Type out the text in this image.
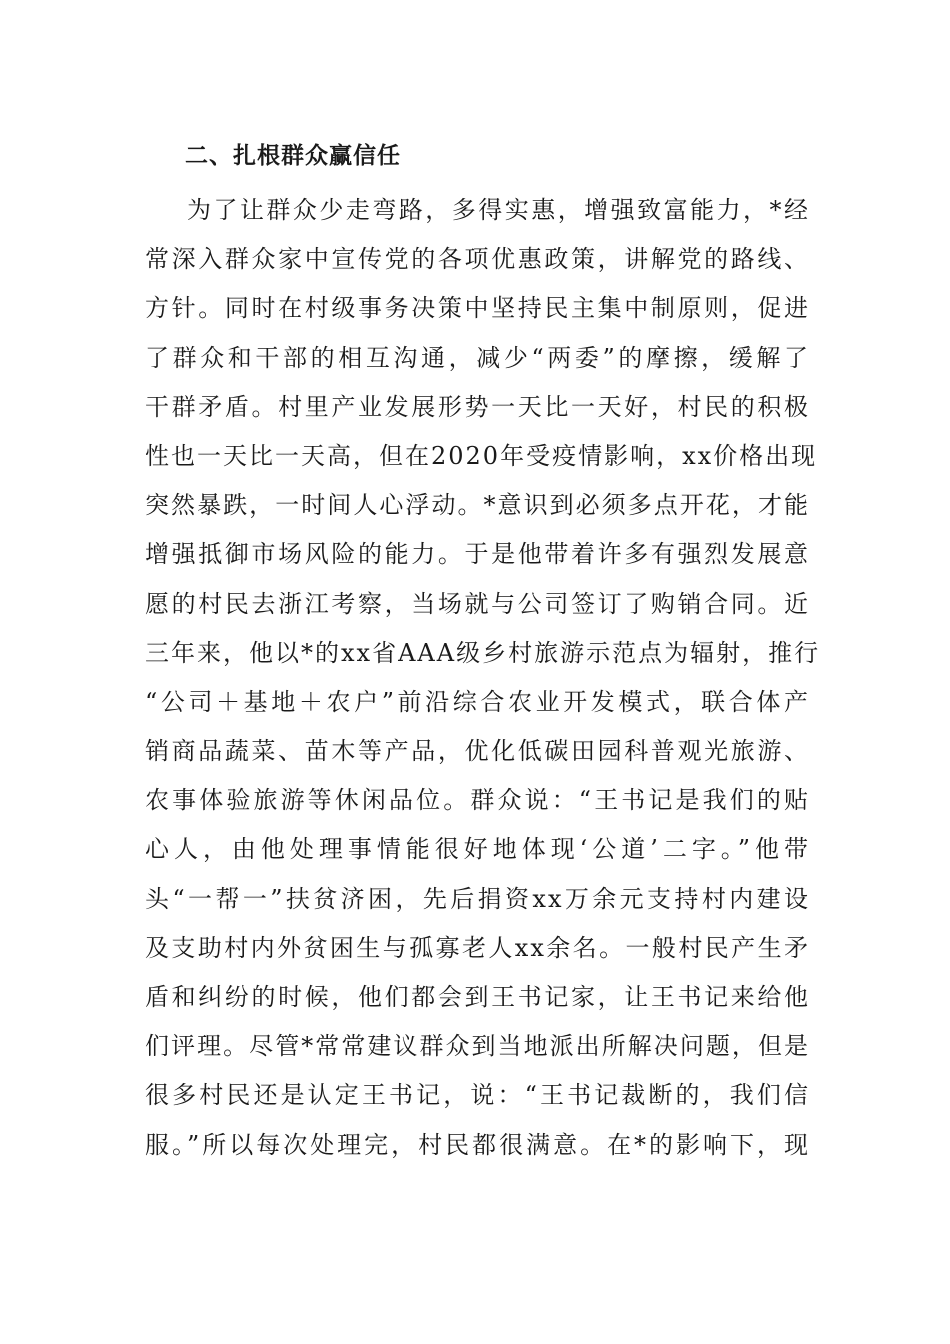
二、扎根群众赢信任
为了让群众少走弯路，多得实惠，增强致富能力，*经
常深入群众家中宣传党的各项优惠政策，讲解党的路线、
方针。同时在村级事务决策中坚持民主集中制原则，促进
了群众和干部的相互沟通，减少“两委”的摩擦，缓解了
干群矛盾。村里产业发展形势一天比一天好，村民的积极
性也一天比一天高，但在2020年受疫情影响，xx价格出现
突然暴跌，一时间人心浮动。*意识到必须多点开花，才能
增强抵御市场风险的能力。于是他带着许多有强烈发展意
愿的村民去浙江考察，当场就与公司签订了购销合同。近
三年来，他以*的xx省AAA级乡村旅游示范点为辐射，推行
“公司＋基地＋农户”前沿综合农业开发模式，联合体产
销商品蔬菜、苗木等产品，优化低碳田园科普观光旅游、
农事体验旅游等休闲品位。群众说：“王书记是我们的贴
心人，由他处理事情能很好地体现‘公道’二字。”他带
头“一帮一”扶贫济困，先后捐资xx万余元支持村内建设
及支助村内外贫困生与孤寡老人xx余名。一般村民产生矛
盾和纠纷的时候，他们都会到王书记家，让王书记来给他
们评理。尽管*常常建议群众到当地派出所解决问题，但是
很多村民还是认定王书记，说：“王书记裁断的，我们信
服。”所以每次处理完，村民都很满意。在*的影响下，现
